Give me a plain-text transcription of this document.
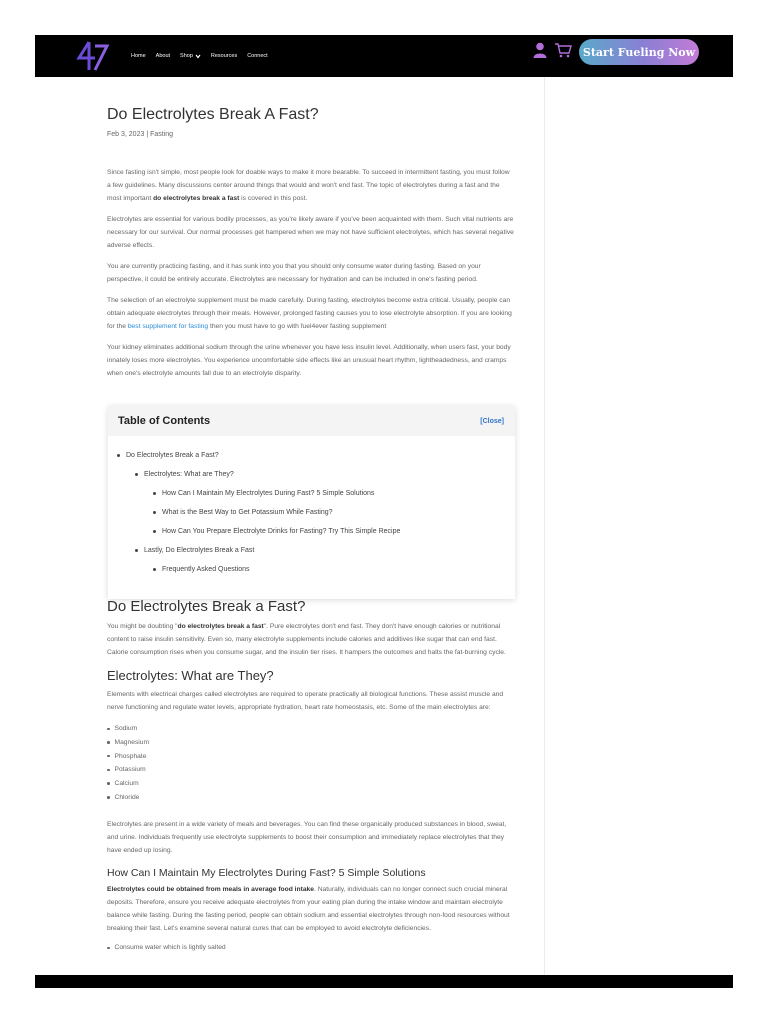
Home About Shop	Resources Connect	Start Fueling Now
Do Electrolytes Break A Fast?
Feb 3, 2023 | Fasting

Since fasting isn't simple, most people look for doable ways to make it more bearable. To succeed in intermittent fasting, you must follow a few guidelines. Many discussions center around things that would and won't end fast. The topic of electrolytes during a fast and the most important do electrolytes break a fast is covered in this post.

Electrolytes are essential for various bodily processes, as you're likely aware if you've been acquainted with them. Such vital nutrients are necessary for our survival. Our normal processes get hampered when we may not have sufficient electrolytes, which has several negative adverse effects.

You are currently practicing fasting, and it has sunk into you that you should only consume water during fasting. Based on your perspective, it could be entirely accurate. Electrolytes are necessary for hydration and can be included in one's fasting period.

The selection of an electrolyte supplement must be made carefully. During fasting, electrolytes become extra critical. Usually, people can obtain adequate electrolytes through their meals. However, prolonged fasting causes you to lose electrolyte absorption. If you are looking for the best supplement for fasting then you must have to go with fuel4ever fasting supplement

Your kidney eliminates additional sodium through the urine whenever you have less insulin level. Additionally, when users fast, your body innately loses more electrolytes. You experience uncomfortable side effects like an unusual heart rhythm, lightheadedness, and cramps when one's electrolyte amounts fall due to an electrolyte disparity.

Table of Contents	[Close]
Do Electrolytes Break a Fast?
Electrolytes: What are They?
How Can I Maintain My Electrolytes During Fast? 5 Simple Solutions
What is the Best Way to Get Potassium While Fasting?
How Can You Prepare Electrolyte Drinks for Fasting? Try This Simple Recipe
Lastly, Do Electrolytes Break a Fast
Frequently Asked Questions
Do Electrolytes Break a Fast?

You might be doubting "do electrolytes break a fast". Pure electrolytes don't end fast. They don't have enough calories or nutritional content to raise insulin sensitivity. Even so, many electrolyte supplements include calories and additives like sugar that can end fast. Calorie consumption rises when you consume sugar, and the insulin tier rises. It hampers the outcomes and halts the fat-burning cycle.

Electrolytes: What are They?

Elements with electrical charges called electrolytes are required to operate practically all biological functions. These assist muscle and nerve functioning and regulate water levels, appropriate hydration, heart rate homeostasis, etc. Some of the main electrolytes are:

Sodium
Magnesium
Phosphate
Potassium
Calcium
Chloride

Electrolytes are present in a wide variety of meals and beverages. You can find these organically produced substances in blood, sweat, and urine. Individuals frequently use electrolyte supplements to boost their consumption and immediately replace electrolytes that they have ended up losing.

How Can I Maintain My Electrolytes During Fast? 5 Simple Solutions

Electrolytes could be obtained from meals in average food intake. Naturally, individuals can no longer connect such crucial mineral deposits. Therefore, ensure you receive adequate electrolytes from your eating plan during the intake window and maintain electrolyte balance while fasting. During the fasting period, people can obtain sodium and essential electrolytes through non-food resources without breaking their fast. Let's examine several natural cures that can be employed to avoid electrolyte deficiencies.

Consume water which is lightly salted
